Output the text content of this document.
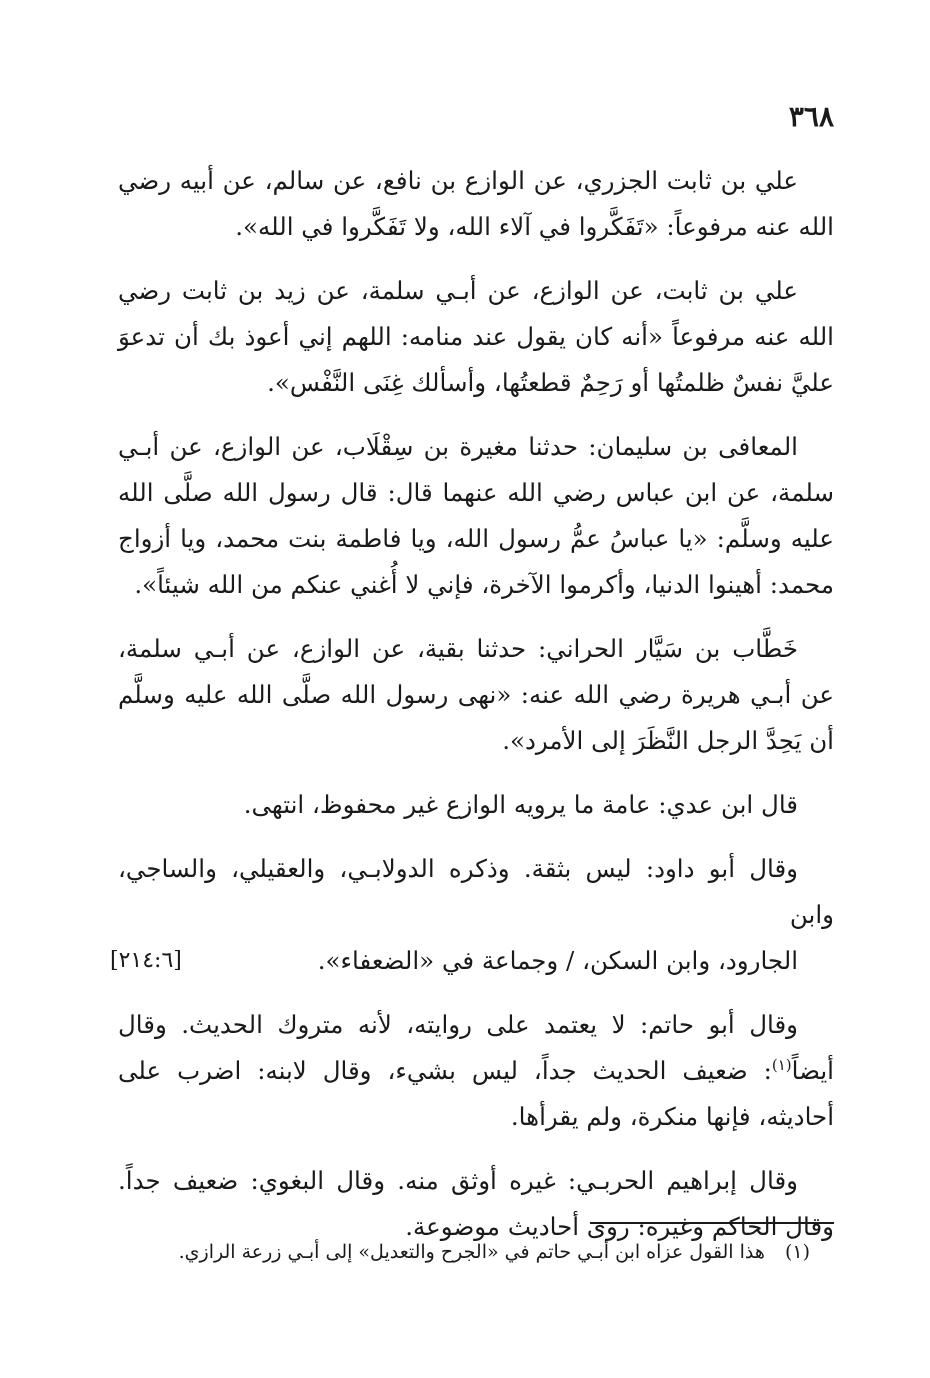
٣٦٨

علي بن ثابت الجزري، عن الوازع بن نافع، عن سالم، عن أبيه رضي الله عنه مرفوعاً: «تَفَكَّروا في آلاء الله، ولا تَفَكَّروا في الله».

علي بن ثابت، عن الوازع، عن أبـي سلمة، عن زيد بن ثابت رضي الله عنه مرفوعاً «أنه كان يقول عند منامه: اللهم إني أعوذ بك أن تدعوَ عليَّ نفسٌ ظلمتُها أو رَحِمٌ قطعتُها، وأسألك غِنَى النَّفْس».

المعافى بن سليمان: حدثنا مغيرة بن سِقْلَاب، عن الوازع، عن أبـي سلمة، عن ابن عباس رضي الله عنهما قال: قال رسول الله صلَّى الله عليه وسلَّم: «يا عباسُ عمُّ رسول الله، ويا فاطمة بنت محمد، ويا أزواج محمد: أهينوا الدنيا، وأكرموا الآخرة، فإني لا أُغني عنكم من الله شيئاً».

خَطَّاب بن سَيَّار الحراني: حدثنا بقية، عن الوازع، عن أبـي سلمة، عن أبـي هريرة رضي الله عنه: «نهى رسول الله صلَّى الله عليه وسلَّم أن يَحِدَّ الرجل النَّظَرَ إلى الأمرد».

قال ابن عدي: عامة ما يرويه الوازع غير محفوظ، انتهى.

وقال أبو داود: ليس بثقة. وذكره الدولابـي، والعقيلي، والساجي، وابن
[٢١٤:٦]	الجارود، وابن السكن، / وجماعة في «الضعفاء».

وقال أبو حاتم: لا يعتمد على روايته، لأنه متروك الحديث. وقال أيضاً$^{(١)}$: ضعيف الحديث جداً، ليس بشيء، وقال لابنه: اضرب على أحاديثه، فإنها منكرة، ولم يقرأها.

وقال إبراهيم الحربـي: غيره أوثق منه. وقال البغوي: ضعيف جداً. وقال الحاكم وغيره: روى أحاديث موضوعة.

(١) هذا القول عزاه ابن أبـي حاتم في «الجرح والتعديل» إلى أبـي زرعة الرازي.
